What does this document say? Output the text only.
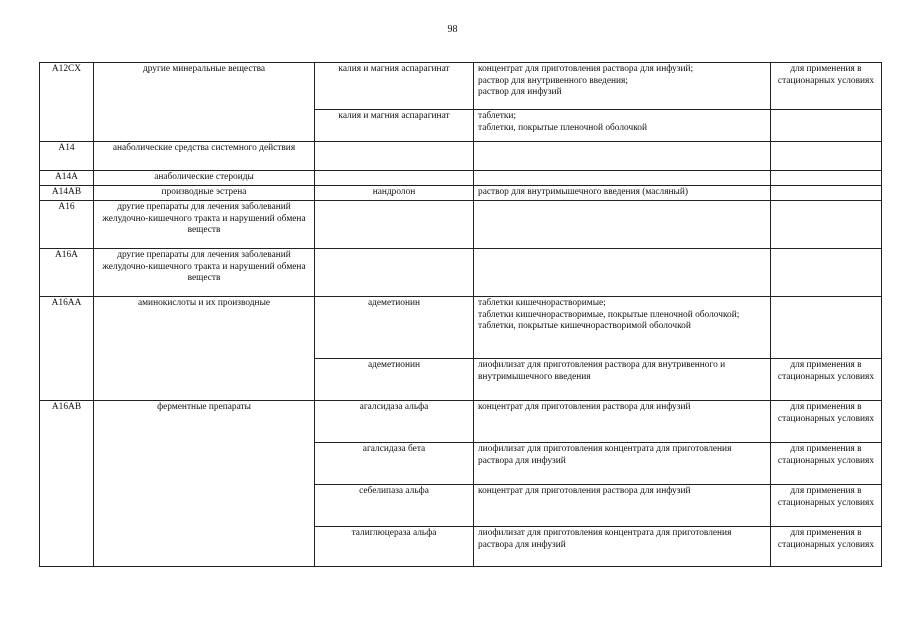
98
A12CX	другие минеральные вещества	калия и магния аспарагинат	концентрат для приготовления раствора для инфузий;
раствор для внутривенного введения;
раствор для инфузий	для применения в стационарных условиях
		калия и магния аспарагинат	таблетки;
таблетки, покрытые пленочной оболочкой	

A14	анаболические средства системного действия			
A14A	анаболические стероиды			
A14AB	производные эстрена	нандролон	раствор для внутримышечного введения (масляный)	

A16	другие препараты для лечения заболеваний желудочно-кишечного тракта и нарушений обмена веществ			
A16A	другие препараты для лечения заболеваний желудочно-кишечного тракта и нарушений обмена веществ			
A16AA	аминокислоты и их производные	адеметионин	таблетки кишечнорастворимые;
таблетки кишечнорастворимые, покрытые пленочной оболочкой;
таблетки, покрытые кишечнорастворимой оболочкой	

		адеметионин	лиофилизат для приготовления раствора для внутривенного и внутримышечного введения	для применения в стационарных условиях
A16AB	ферментные препараты	агалсидаза альфа	концентрат для приготовления раствора для инфузий	для применения в стационарных условиях
		агалсидаза бета	лиофилизат для приготовления концентрата для приготовления раствора для инфузий	для применения в стационарных условиях
		себелипаза альфа	концентрат для приготовления раствора для инфузий	для применения в стационарных условиях
		талиглюцераза альфа	лиофилизат для приготовления концентрата для приготовления раствора для инфузий	для применения в стационарных условиях
